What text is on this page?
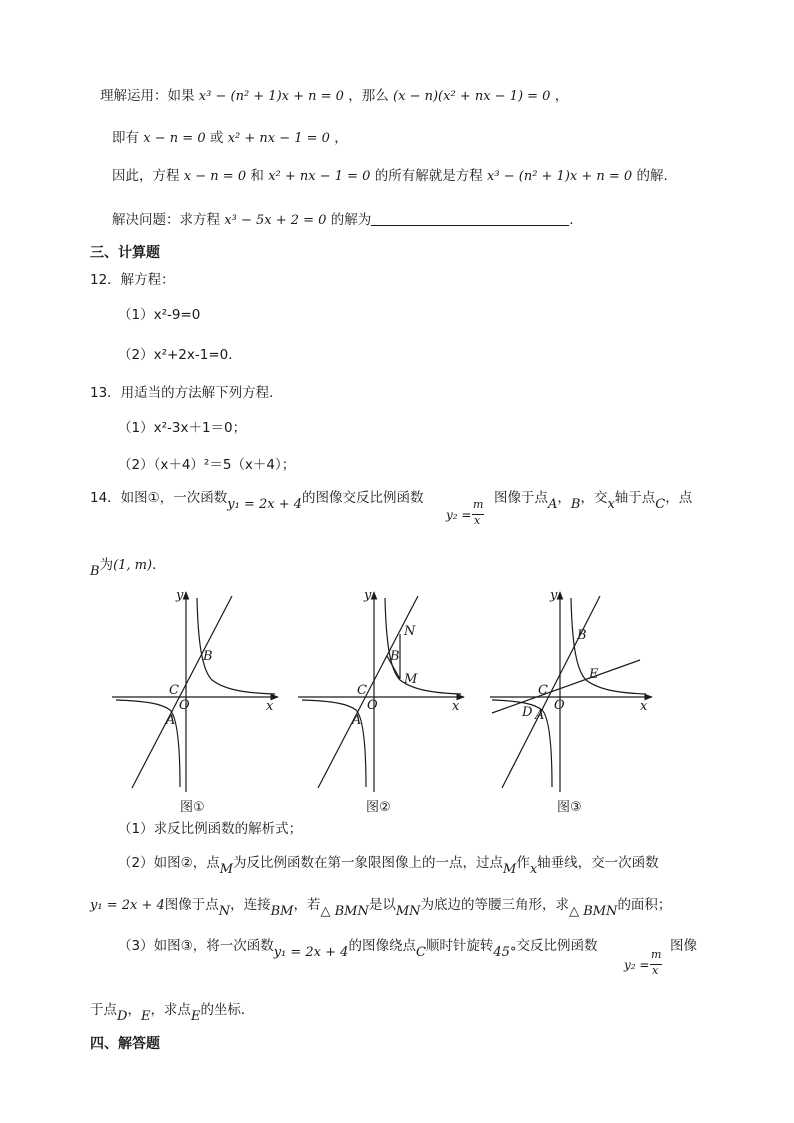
理解运用：如果 x³ − (n² + 1)x + n = 0 ，那么 (x − n)(x² + nx − 1) = 0 ，
即有 x − n = 0 或 x² + nx − 1 = 0 ，
因此，方程 x − n = 0 和 x² + nx − 1 = 0 的所有解就是方程 x³ − (n² + 1)x + n = 0 的解.
解决问题：求方程 x³ − 5x + 2 = 0 的解为	.
三、计算题
12．解方程：
（1）x²-9=0
（2）x²+2x-1=0．
13．用适当的方法解下列方程．
（1）x²-3x＋1＝0；
（2）（x＋4）²＝5（x＋4）；
14．如图①，一次函数y₁ = 2x + 4的图像交反比例函数
y₂ =
m
x
图像于点A，B，交x轴于点C，点
B为(1, m)．
y
x
O
B
C
A
y
x
O
B
C
A
N
M
y
x
O
B
C
A
D
E
图①	图②	图③
（1）求反比例函数的解析式；
（2）如图②，点M为反比例函数在第一象限图像上的一点，过点M作x轴垂线，交一次函数
y₁ = 2x + 4图像于点N，连接BM，若△ BMN是以MN为底边的等腰三角形，求△ BMN的面积；
（3）如图③，将一次函数y₁ = 2x + 4的图像绕点C顺时针旋转45°交反比例函数
y₂ =
m
x
图像
于点D，E，求点E的坐标．
四、解答题
